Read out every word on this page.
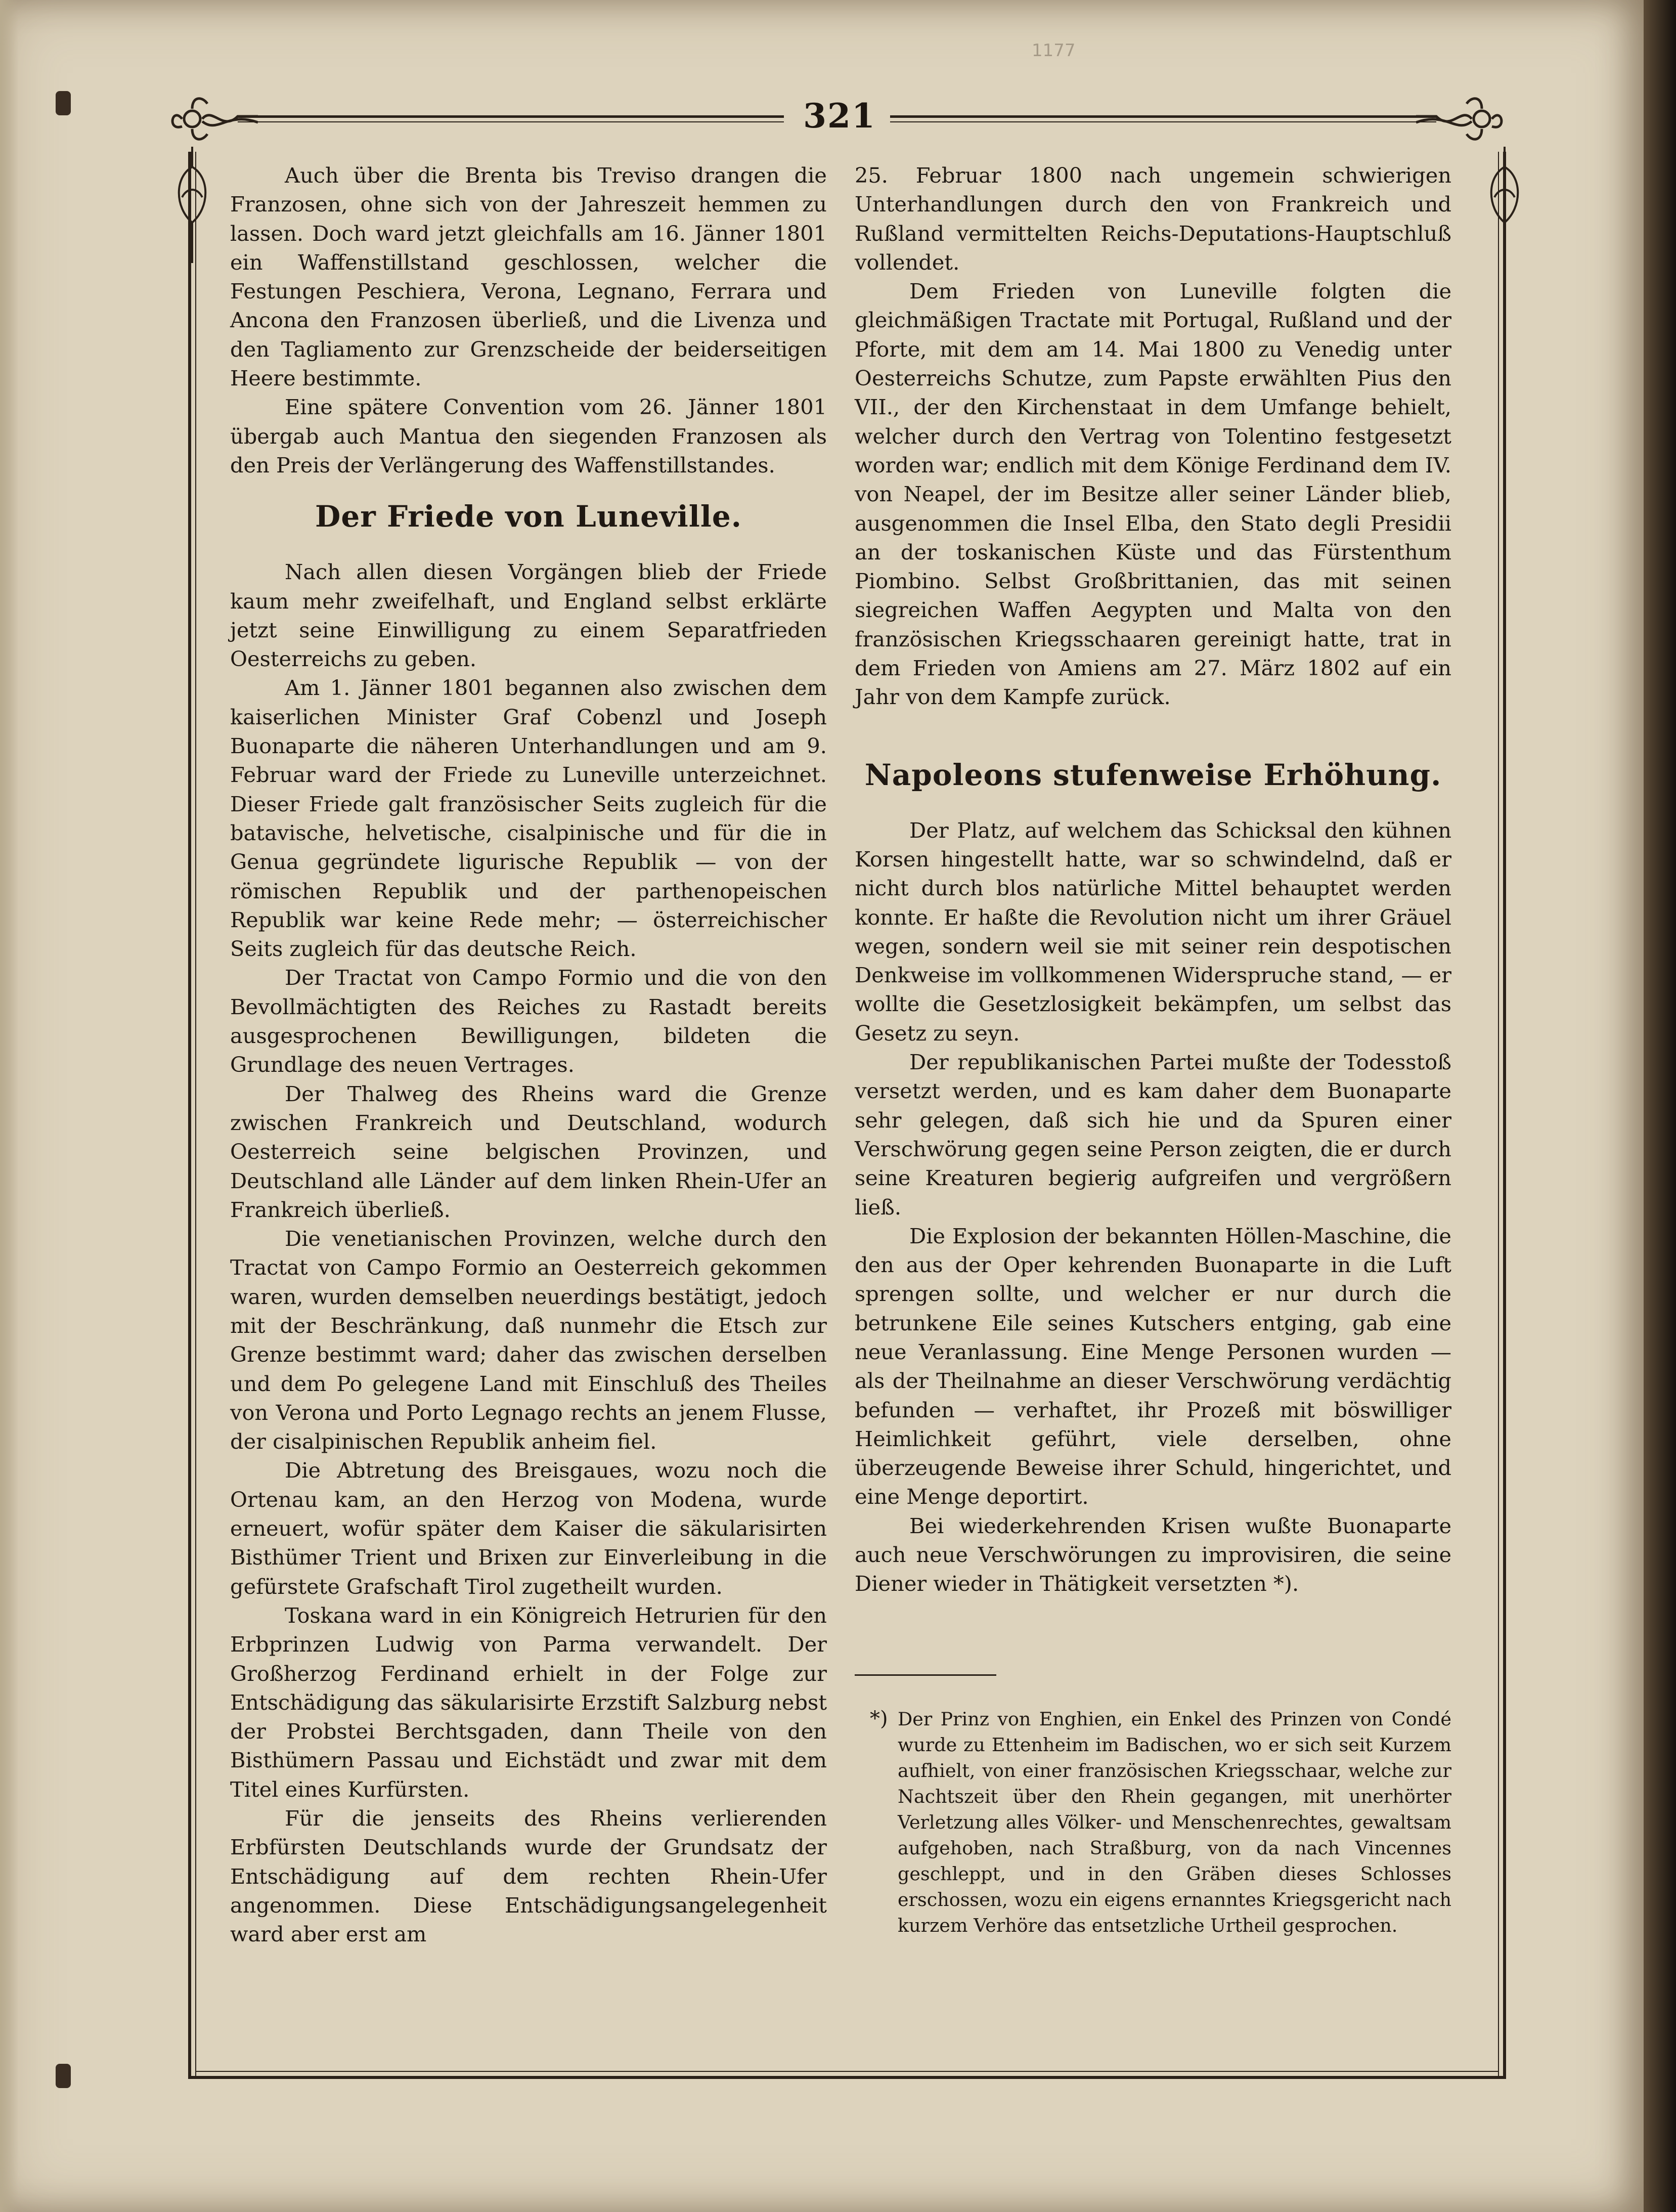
1177
321

Auch über die Brenta bis Treviso drangen die Franzosen, ohne sich von der Jahreszeit hemmen zu lassen. Doch ward jetzt gleichfalls am 16. Jänner 1801 ein Waffenstillstand geschlossen, welcher die Festungen Peschiera, Verona, Legnano, Ferrara und Ancona den Franzosen überließ, und die Livenza und den Tagliamento zur Grenzscheide der beiderseitigen Heere bestimmte.

Eine spätere Convention vom 26. Jänner 1801 übergab auch Mantua den siegenden Franzosen als den Preis der Verlängerung des Waffenstillstandes.

Der Friede von Luneville.

Nach allen diesen Vorgängen blieb der Friede kaum mehr zweifelhaft, und England selbst erklärte jetzt seine Einwilligung zu einem Separatfrieden Oesterreichs zu geben.

Am 1. Jänner 1801 begannen also zwischen dem kaiserlichen Minister Graf Cobenzl und Joseph Buonaparte die näheren Unterhandlungen und am 9. Februar ward der Friede zu Luneville unterzeichnet. Dieser Friede galt französischer Seits zugleich für die batavische, helvetische, cisalpinische und für die in Genua gegründete ligurische Republik — von der römischen Republik und der parthenopeischen Republik war keine Rede mehr; — österreichischer Seits zugleich für das deutsche Reich.

Der Tractat von Campo Formio und die von den Bevollmächtigten des Reiches zu Rastadt bereits ausgesprochenen Bewilligungen, bildeten die Grundlage des neuen Vertrages.

Der Thalweg des Rheins ward die Grenze zwischen Frankreich und Deutschland, wodurch Oesterreich seine belgischen Provinzen, und Deutschland alle Länder auf dem linken Rhein-Ufer an Frankreich überließ.

Die venetianischen Provinzen, welche durch den Tractat von Campo Formio an Oesterreich gekommen waren, wurden demselben neuerdings bestätigt, jedoch mit der Beschränkung, daß nunmehr die Etsch zur Grenze bestimmt ward; daher das zwischen derselben und dem Po gelegene Land mit Einschluß des Theiles von Verona und Porto Legnago rechts an jenem Flusse, der cisalpinischen Republik anheim fiel.

Die Abtretung des Breisgaues, wozu noch die Ortenau kam, an den Herzog von Modena, wurde erneuert, wofür später dem Kaiser die säkularisirten Bisthümer Trient und Brixen zur Einverleibung in die gefürstete Grafschaft Tirol zugetheilt wurden.

Toskana ward in ein Königreich Hetrurien für den Erbprinzen Ludwig von Parma verwandelt. Der Großherzog Ferdinand erhielt in der Folge zur Entschädigung das säkularisirte Erzstift Salzburg nebst der Probstei Berchtsgaden, dann Theile von den Bisthümern Passau und Eichstädt und zwar mit dem Titel eines Kurfürsten.

Für die jenseits des Rheins verlierenden Erbfürsten Deutschlands wurde der Grundsatz der Entschädigung auf dem rechten Rhein-Ufer angenommen. Diese Entschädigungsangelegenheit ward aber erst am

25. Februar 1800 nach ungemein schwierigen Unterhandlungen durch den von Frankreich und Rußland vermittelten Reichs-Deputations-Hauptschluß vollendet.

Dem Frieden von Luneville folgten die gleichmäßigen Tractate mit Portugal, Rußland und der Pforte, mit dem am 14. Mai 1800 zu Venedig unter Oesterreichs Schutze, zum Papste erwählten Pius den VII., der den Kirchenstaat in dem Umfange behielt, welcher durch den Vertrag von Tolentino festgesetzt worden war; endlich mit dem Könige Ferdinand dem IV. von Neapel, der im Besitze aller seiner Länder blieb, ausgenommen die Insel Elba, den Stato degli Presidii an der toskanischen Küste und das Fürstenthum Piombino. Selbst Großbrittanien, das mit seinen siegreichen Waffen Aegypten und Malta von den französischen Kriegsschaaren gereinigt hatte, trat in dem Frieden von Amiens am 27. März 1802 auf ein Jahr von dem Kampfe zurück.

Napoleons stufenweise Erhöhung.

Der Platz, auf welchem das Schicksal den kühnen Korsen hingestellt hatte, war so schwindelnd, daß er nicht durch blos natürliche Mittel behauptet werden konnte. Er haßte die Revolution nicht um ihrer Gräuel wegen, sondern weil sie mit seiner rein despotischen Denkweise im vollkommenen Widerspruche stand, — er wollte die Gesetzlosigkeit bekämpfen, um selbst das Gesetz zu seyn.

Der republikanischen Partei mußte der Todesstoß versetzt werden, und es kam daher dem Buonaparte sehr gelegen, daß sich hie und da Spuren einer Verschwörung gegen seine Person zeigten, die er durch seine Kreaturen begierig aufgreifen und vergrößern ließ.

Die Explosion der bekannten Höllen-Maschine, die den aus der Oper kehrenden Buonaparte in die Luft sprengen sollte, und welcher er nur durch die betrunkene Eile seines Kutschers entging, gab eine neue Veranlassung. Eine Menge Personen wurden — als der Theilnahme an dieser Verschwörung verdächtig befunden — verhaftet, ihr Prozeß mit böswilliger Heimlichkeit geführt, viele derselben, ohne überzeugende Beweise ihrer Schuld, hingerichtet, und eine Menge deportirt.

Bei wiederkehrenden Krisen wußte Buonaparte auch neue Verschwörungen zu improvisiren, die seine Diener wieder in Thätigkeit versetzten *).

*) Der Prinz von Enghien, ein Enkel des Prinzen von Condé wurde zu Ettenheim im Badischen, wo er sich seit Kurzem aufhielt, von einer französischen Kriegsschaar, welche zur Nachtszeit über den Rhein gegangen, mit unerhörter Verletzung alles Völker- und Menschenrechtes, gewaltsam aufgehoben, nach Straßburg, von da nach Vincennes geschleppt, und in den Gräben dieses Schlosses erschossen, wozu ein eigens ernanntes Kriegsgericht nach kurzem Verhöre das entsetzliche Urtheil gesprochen.
